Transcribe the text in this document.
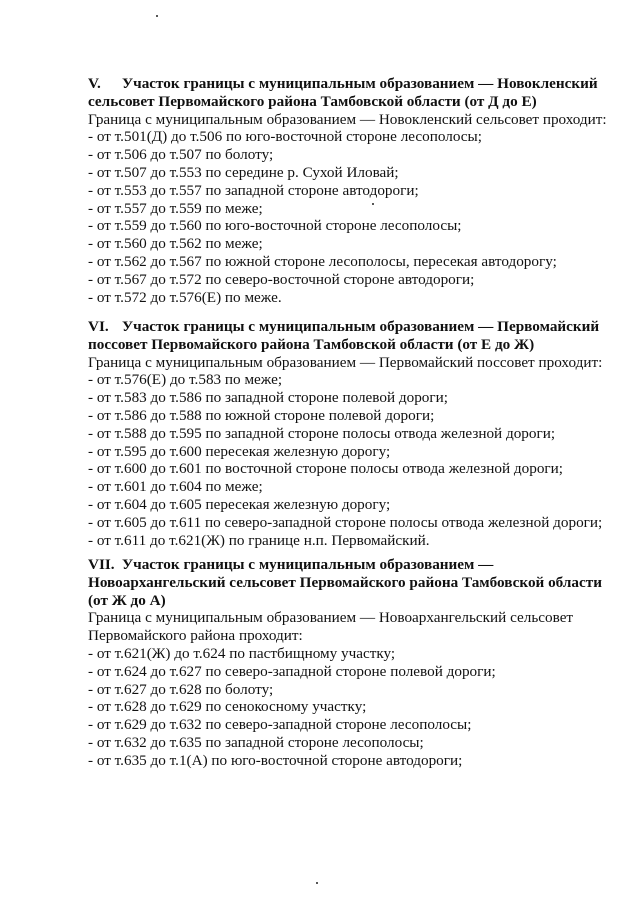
V. Участок границы с муниципальным образованием — Новокленский
сельсовет Первомайского района Тамбовской области (от Д до Е)
Граница с муниципальным образованием — Новокленский сельсовет проходит:
- от т.501(Д) до т.506 по юго-восточной стороне лесополосы;
- от т.506 до т.507 по болоту;
- от т.507 до т.553 по середине р. Сухой Иловай;
- от т.553 до т.557 по западной стороне автодороги;
- от т.557 до т.559 по меже;
- от т.559 до т.560 по юго-восточной стороне лесополосы;
- от т.560 до т.562 по меже;
- от т.562 до т.567 по южной стороне лесополосы, пересекая автодорогу;
- от т.567 до т.572 по северо-восточной стороне автодороги;
- от т.572 до т.576(Е) по меже.
VI. Участок границы с муниципальным образованием — Первомайский
поссовет Первомайского района Тамбовской области (от Е до Ж)
Граница с муниципальным образованием — Первомайский поссовет проходит:
- от т.576(Е) до т.583 по меже;
- от т.583 до т.586 по западной стороне полевой дороги;
- от т.586 до т.588 по южной стороне полевой дороги;
- от т.588 до т.595 по западной стороне полосы отвода железной дороги;
- от т.595 до т.600 пересекая железную дорогу;
- от т.600 до т.601 по восточной стороне полосы отвода железной дороги;
- от т.601 до т.604 по меже;
- от т.604 до т.605 пересекая железную дорогу;
- от т.605 до т.611 по северо-западной стороне полосы отвода железной дороги;
- от т.611 до т.621(Ж) по границе н.п. Первомайский.
VII. Участок границы с муниципальным образованием —
Новоархангельский сельсовет Первомайского района Тамбовской области
(от Ж до А)
Граница с муниципальным образованием — Новоархангельский сельсовет
Первомайского района проходит:
- от т.621(Ж) до т.624 по пастбищному участку;
- от т.624 до т.627 по северо-западной стороне полевой дороги;
- от т.627 до т.628 по болоту;
- от т.628 до т.629 по сенокосному участку;
- от т.629 до т.632 по северо-западной стороне лесополосы;
- от т.632 до т.635 по западной стороне лесополосы;
- от т.635 до т.1(А) по юго-восточной стороне автодороги;
